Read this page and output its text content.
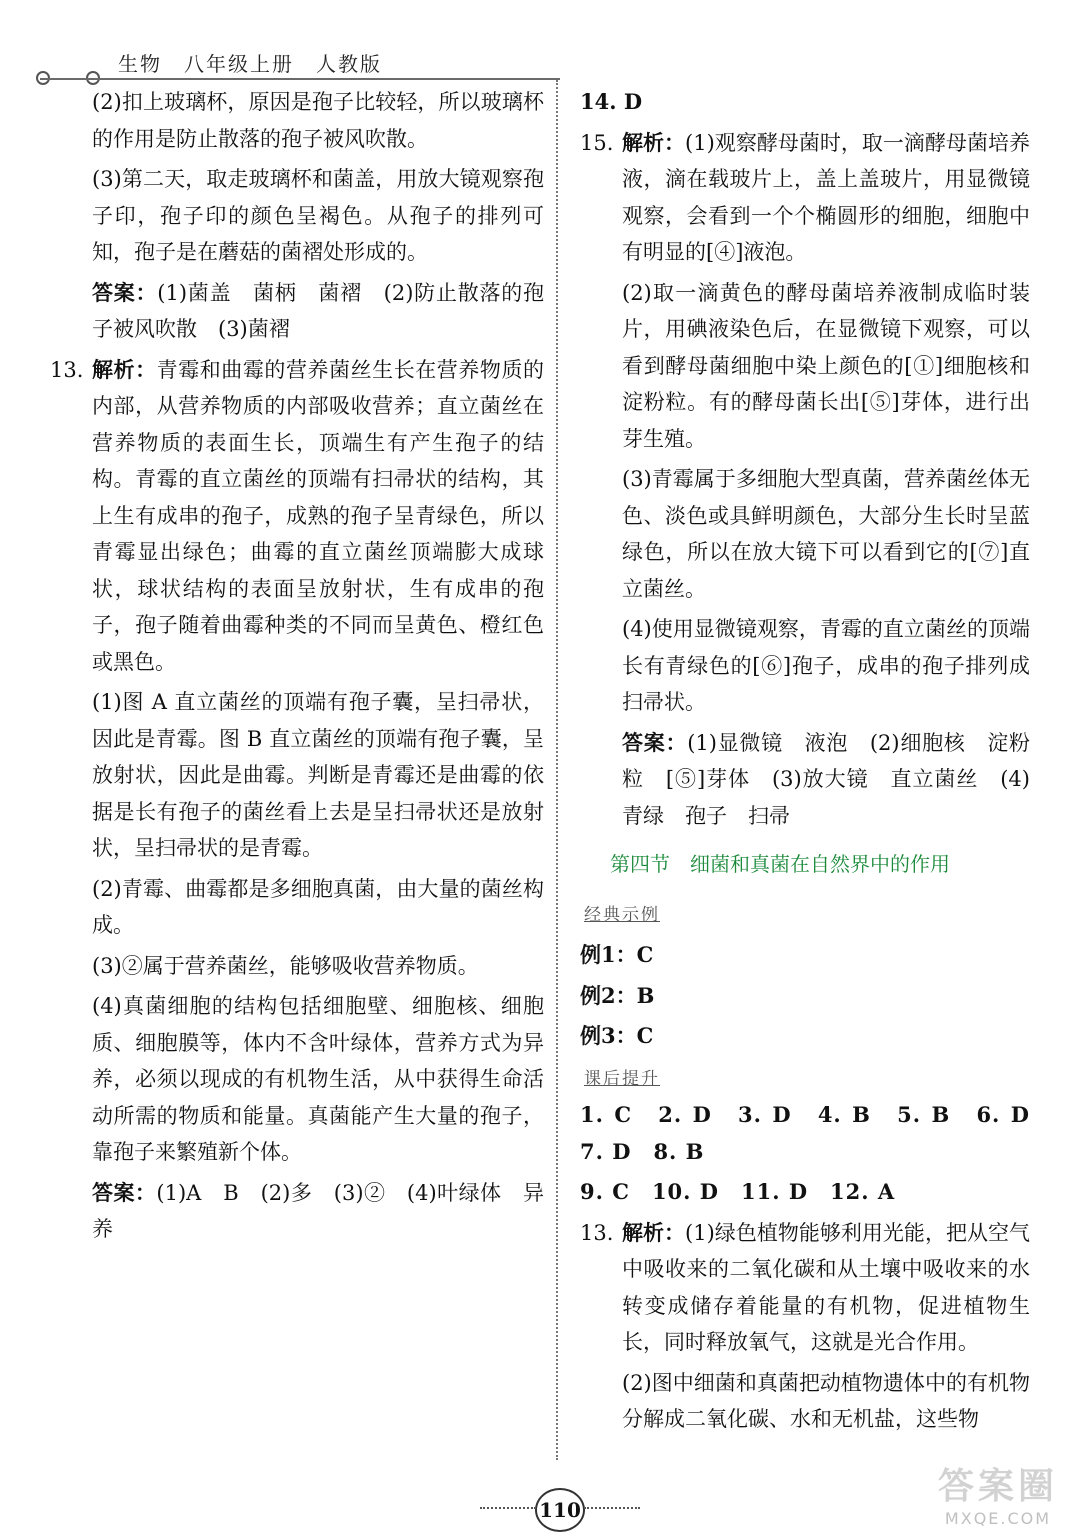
生物　八年级上册　人教版

(2)扣上玻璃杯，原因是孢子比较轻，所以玻璃杯的作用是防止散落的孢子被风吹散。

(3)第二天，取走玻璃杯和菌盖，用放大镜观察孢子印，孢子印的颜色呈褐色。从孢子的排列可知，孢子是在蘑菇的菌褶处形成的。

答案：(1)菌盖　菌柄　菌褶　(2)防止散落的孢子被风吹散　(3)菌褶

13. 解析：青霉和曲霉的营养菌丝生长在营养物质的内部，从营养物质的内部吸收营养；直立菌丝在营养物质的表面生长，顶端生有产生孢子的结构。青霉的直立菌丝的顶端有扫帚状的结构，其上生有成串的孢子，成熟的孢子呈青绿色，所以青霉显出绿色；曲霉的直立菌丝顶端膨大成球状，球状结构的表面呈放射状，生有成串的孢子，孢子随着曲霉种类的不同而呈黄色、橙红色或黑色。

(1)图 A 直立菌丝的顶端有孢子囊，呈扫帚状，因此是青霉。图 B 直立菌丝的顶端有孢子囊，呈放射状，因此是曲霉。判断是青霉还是曲霉的依据是长有孢子的菌丝看上去是呈扫帚状还是放射状，呈扫帚状的是青霉。

(2)青霉、曲霉都是多细胞真菌，由大量的菌丝构成。

(3)②属于营养菌丝，能够吸收营养物质。

(4)真菌细胞的结构包括细胞壁、细胞核、细胞质、细胞膜等，体内不含叶绿体，营养方式为异养，必须以现成的有机物生活，从中获得生命活动所需的物质和能量。真菌能产生大量的孢子，靠孢子来繁殖新个体。

答案：(1)A　B　(2)多　(3)②　(4)叶绿体　异养

14. D

15. 解析：(1)观察酵母菌时，取一滴酵母菌培养液，滴在载玻片上，盖上盖玻片，用显微镜观察，会看到一个个椭圆形的细胞，细胞中有明显的[④]液泡。

(2)取一滴黄色的酵母菌培养液制成临时装片，用碘液染色后，在显微镜下观察，可以看到酵母菌细胞中染上颜色的[①]细胞核和淀粉粒。有的酵母菌长出[⑤]芽体，进行出芽生殖。

(3)青霉属于多细胞大型真菌，营养菌丝体无色、淡色或具鲜明颜色，大部分生长时呈蓝绿色，所以在放大镜下可以看到它的[⑦]直立菌丝。

(4)使用显微镜观察，青霉的直立菌丝的顶端长有青绿色的[⑥]孢子，成串的孢子排列成扫帚状。

答案：(1)显微镜　液泡　(2)细胞核　淀粉粒　[⑤]芽体　(3)放大镜　直立菌丝　(4)青绿　孢子　扫帚

第四节　细菌和真菌在自然界中的作用
经典示例

例1：C

例2：B

例3：C

课后提升

1. C　2. D　3. D　4. B　5. B　6. D　7. D　8. B

9. C　10. D　11. D　12. A

13. 解析：(1)绿色植物能够利用光能，把从空气中吸收来的二氧化碳和从土壤中吸收来的水转变成储存着能量的有机物，促进植物生长，同时释放氧气，这就是光合作用。

(2)图中细菌和真菌把动植物遗体中的有机物分解成二氧化碳、水和无机盐，这些物

110
答案圈
MXQE.COM
